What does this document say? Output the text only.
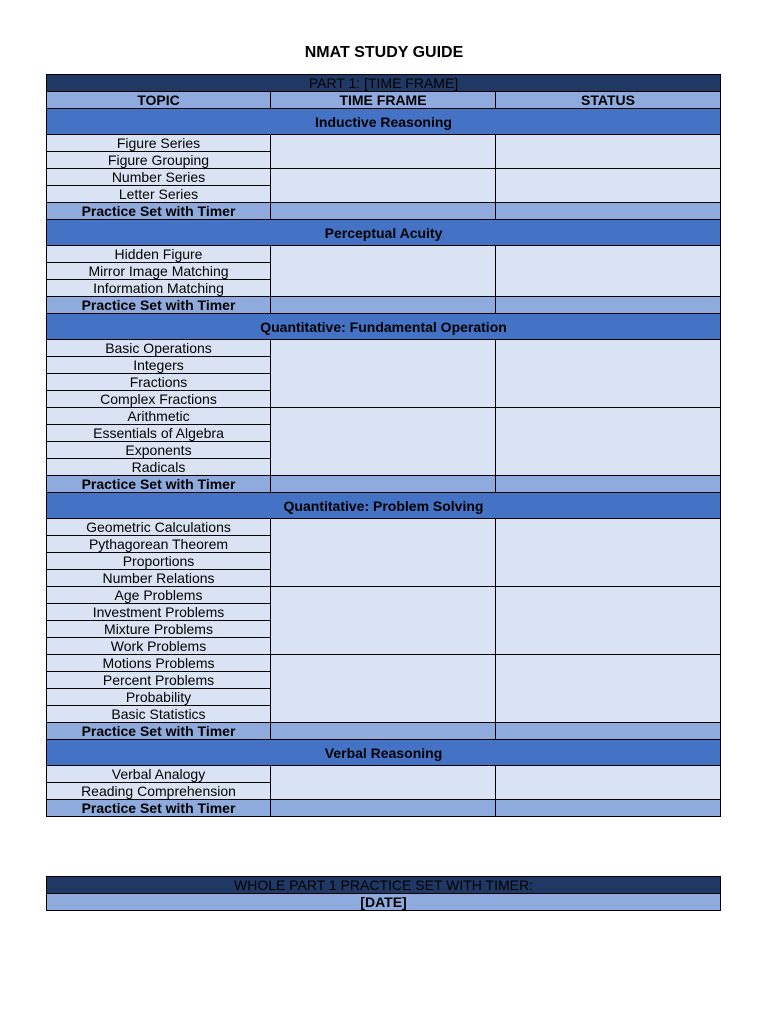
NMAT STUDY GUIDE
PART 1: [TIME FRAME]		
TOPIC	TIME FRAME	STATUS
Inductive Reasoning		
Figure Series		
Figure Grouping		
Number Series		
Letter Series		
Practice Set with Timer		
Perceptual Acuity		
Hidden Figure		
Mirror Image Matching		
Information Matching		
Practice Set with Timer		
Quantitative: Fundamental Operation		
Basic Operations		
Integers		
Fractions		
Complex Fractions		
Arithmetic		
Essentials of Algebra		
Exponents		
Radicals		
Practice Set with Timer		
Quantitative: Problem Solving		
Geometric Calculations		
Pythagorean Theorem		
Proportions		
Number Relations		
Age Problems		
Investment Problems		
Mixture Problems		
Work Problems		
Motions Problems		
Percent Problems		
Probability		
Basic Statistics		
Practice Set with Timer		
Verbal Reasoning		
Verbal Analogy		
Reading Comprehension		
Practice Set with Timer		
WHOLE PART 1 PRACTICE SET WITH TIMER:
[DATE]
